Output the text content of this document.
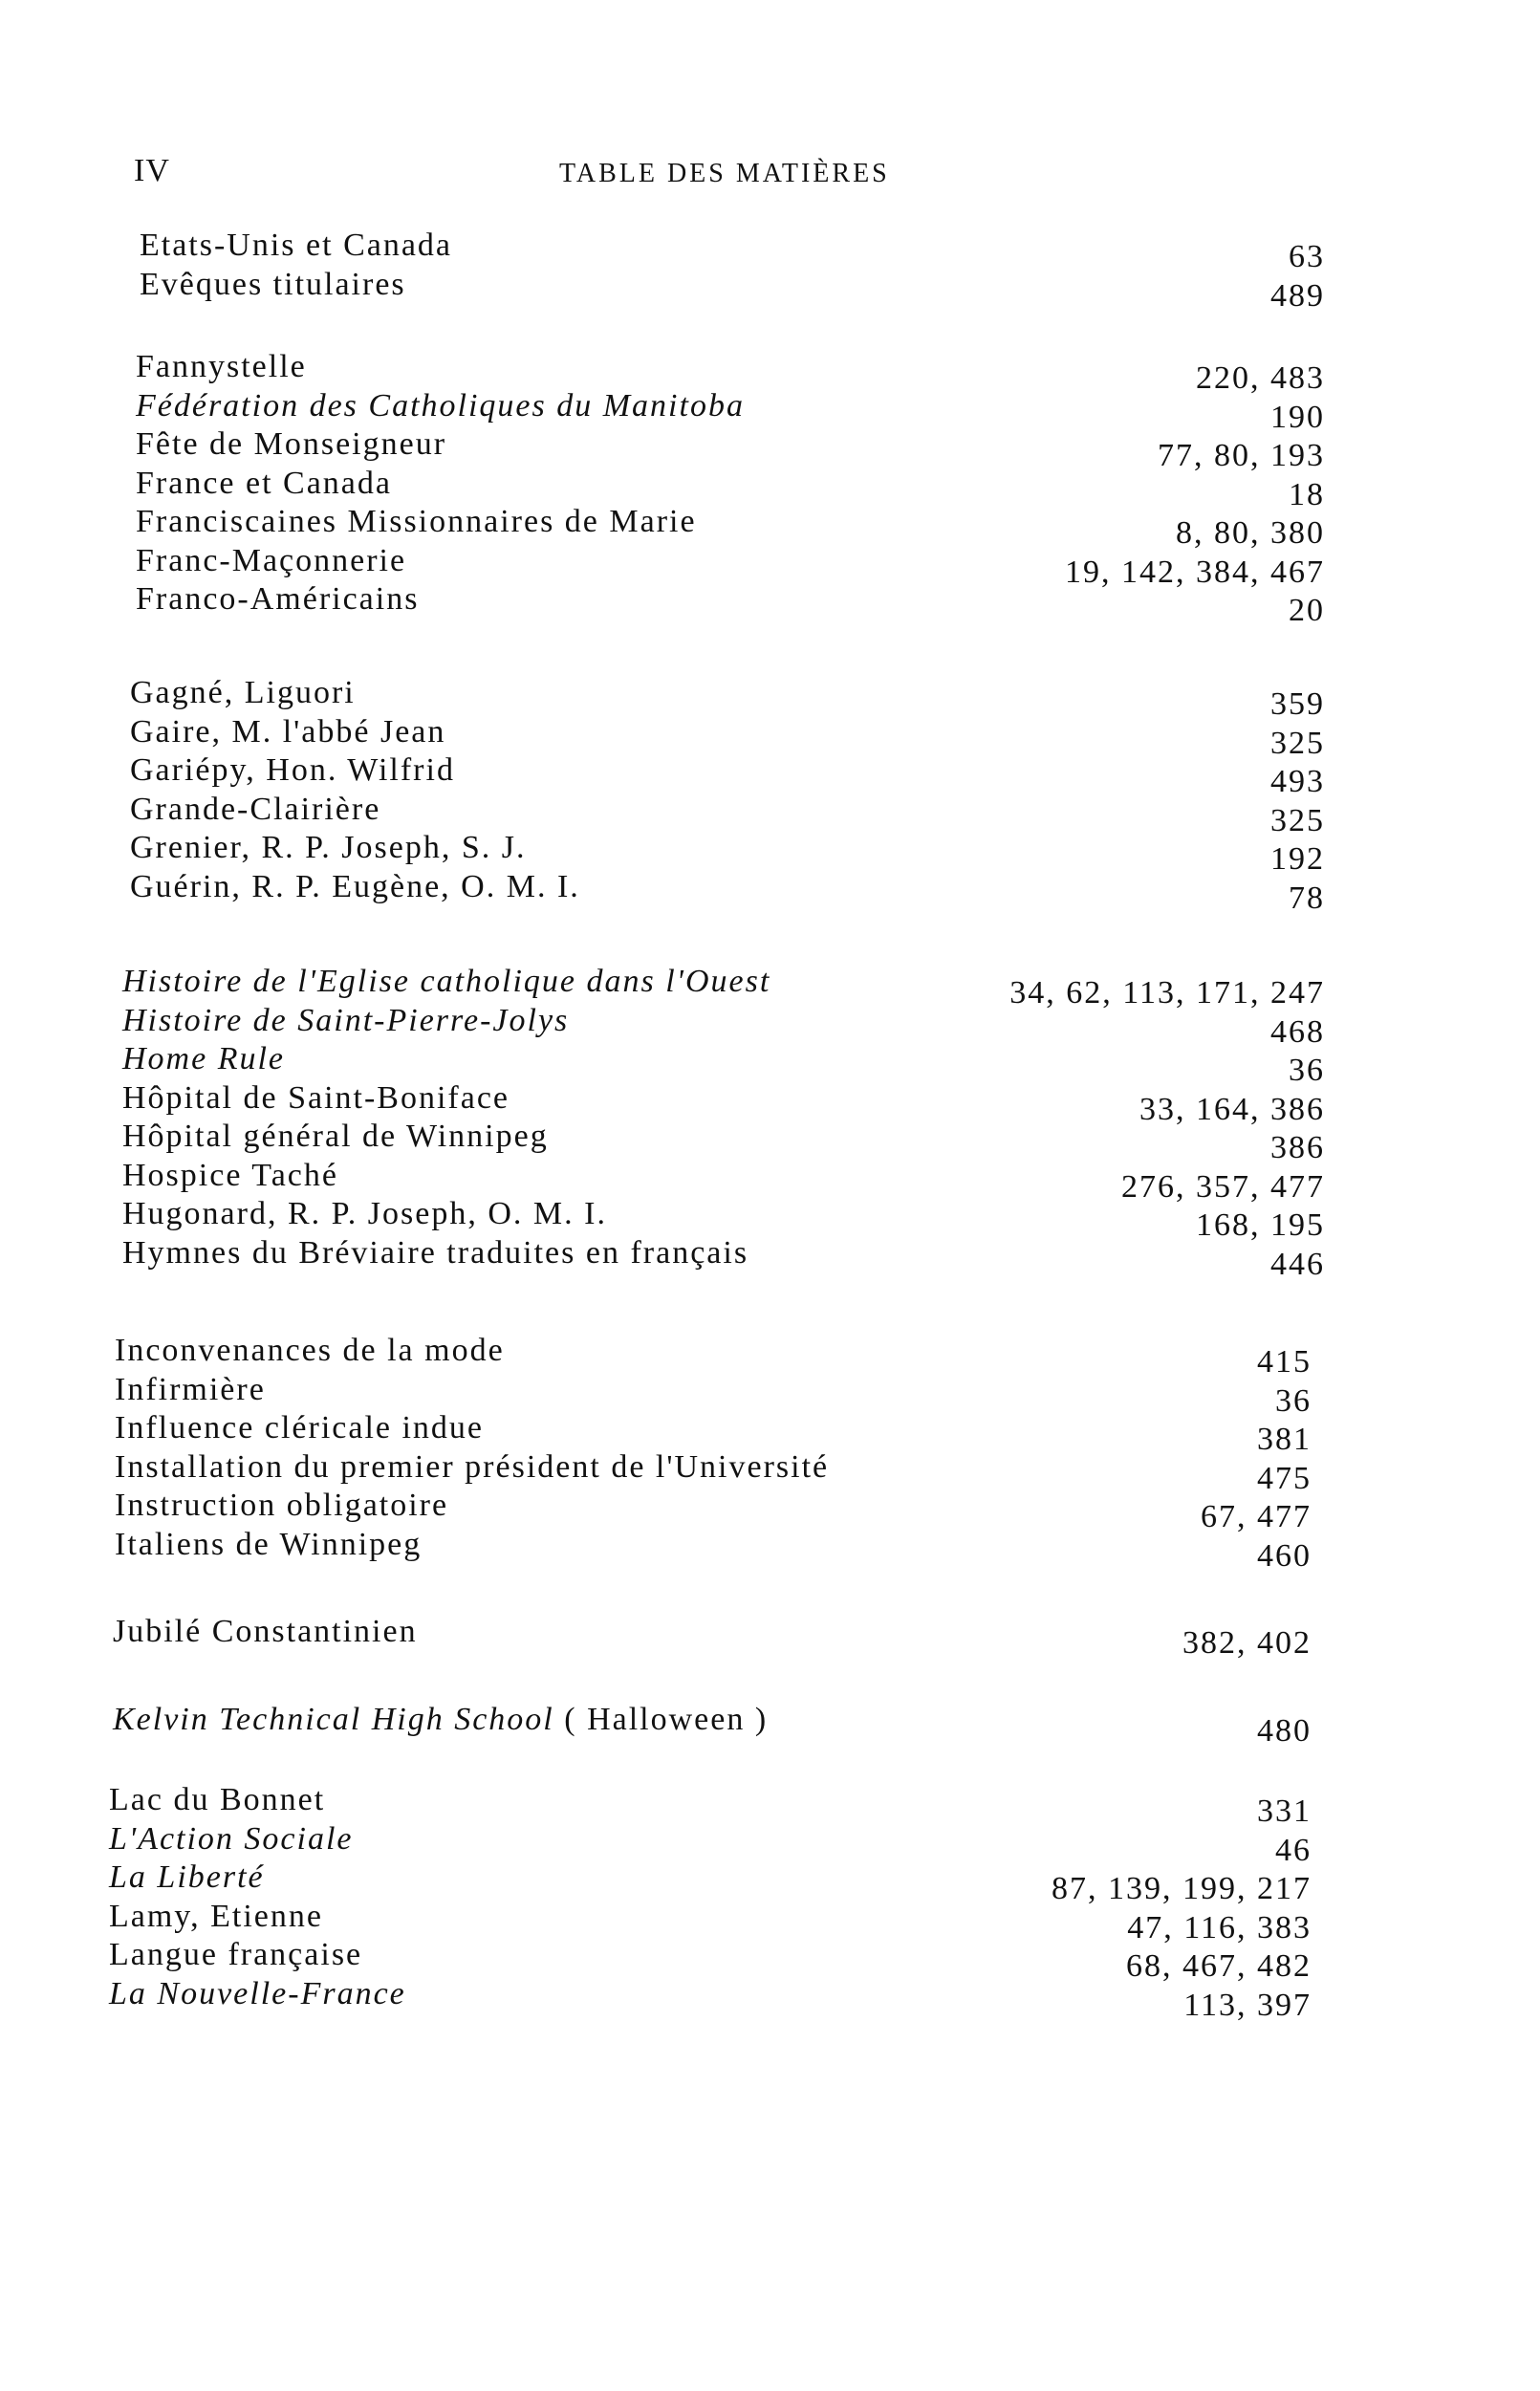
IV	TABLE DES MATIÈRES
Etats-Unis et Canada	63
Evêques titulaires	489
Fannystelle	220, 483
Fédération des Catholiques du Manitoba	190
Fête de Monseigneur	77, 80, 193
France et Canada	18
Franciscaines Missionnaires de Marie	8, 80, 380
Franc-Maçonnerie	19, 142, 384, 467
Franco-Américains	20
Gagné, Liguori	359
Gaire, M. l'abbé Jean	325
Gariépy, Hon. Wilfrid	493
Grande-Clairière	325
Grenier, R. P. Joseph, S. J.	192
Guérin, R. P. Eugène, O. M. I.	78
Histoire de l'Eglise catholique dans l'Ouest	34, 62, 113, 171, 247
Histoire de Saint-Pierre-Jolys	468
Home Rule	36
Hôpital de Saint-Boniface	33, 164, 386
Hôpital général de Winnipeg	386
Hospice Taché	276, 357, 477
Hugonard, R. P. Joseph, O. M. I.	168, 195
Hymnes du Bréviaire traduites en français	446
Inconvenances de la mode	415
Infirmière	36
Influence cléricale indue	381
Installation du premier président de l'Université	475
Instruction obligatoire	67, 477
Italiens de Winnipeg	460
Jubilé Constantinien	382, 402
Kelvin Technical High School ( Halloween )	480
Lac du Bonnet	331
L'Action Sociale	46
La Liberté	87, 139, 199, 217
Lamy, Etienne	47, 116, 383
Langue française	68, 467, 482
La Nouvelle-France	113, 397
